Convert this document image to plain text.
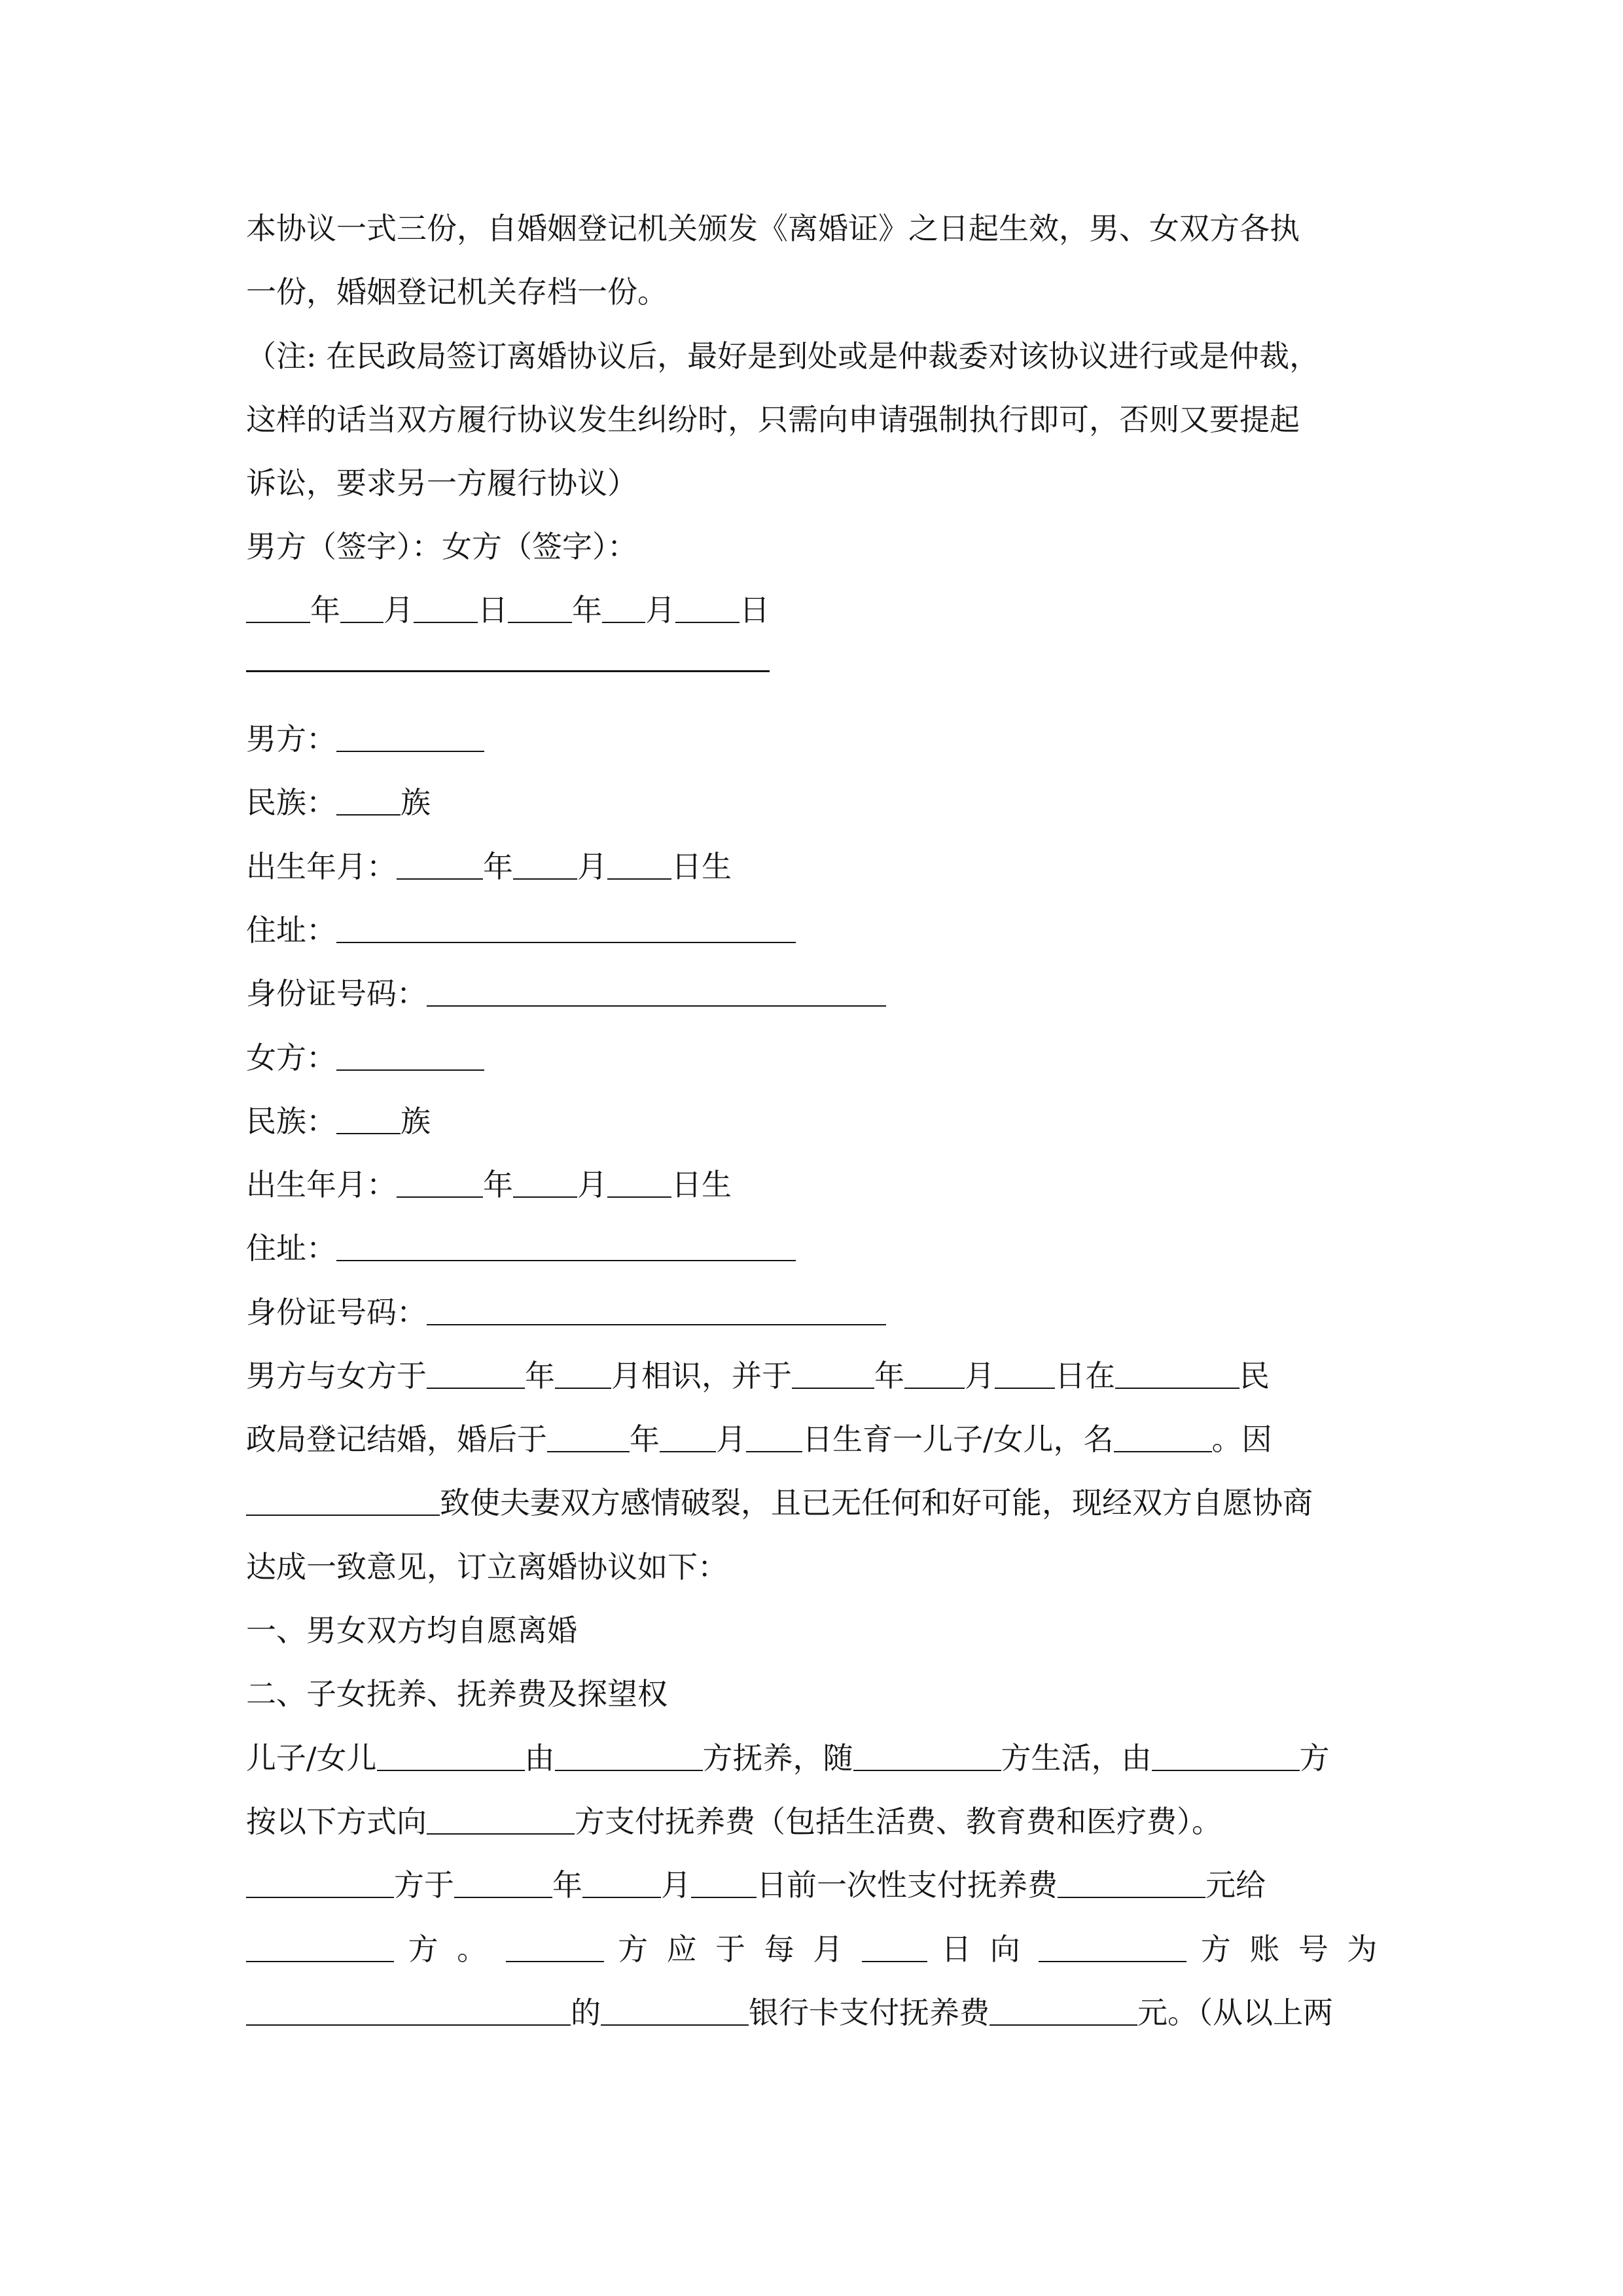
本协议一式三份，自婚姻登记机关颁发《离婚证》之日起生效，男、女双方各执
一份，婚姻登记机关存档一份。
（注: 在民政局签订离婚协议后，最好是到处或是仲裁委对该协议进行或是仲裁，
这样的话当双方履行协议发生纠纷时，只需向申请强制执行即可，否则又要提起
诉讼，要求另一方履行协议）
男方（签字）：女方（签字）：
年 月 日 年 月 日
男方：
民族： 族
出生年月：	年 月 日生
住址：
身份证号码：
女方：
民族： 族
出生年月：	年 月 日生
住址：
身份证号码：
男方与女方于	年 月相识，并于	年 月 日在	民
政局登记结婚，婚后于	年 月 日生育一儿子/女儿，名	。因
致使夫妻双方感情破裂，且已无任何和好可能，现经双方自愿协商
达成一致意见，订立离婚协议如下：
一、男女双方均自愿离婚
二、子女抚养、抚养费及探望权
儿子/女儿	由	方抚养，随	方生活，由	方
按以下方式向	方支付抚养费（包括生活费、教育费和医疗费）。
方于	年	月 日前一次性支付抚养费	元给
方 。	方 应 于 每 月	日 向	方 账 号 为
的	银行卡支付抚养费	元。（从以上两
